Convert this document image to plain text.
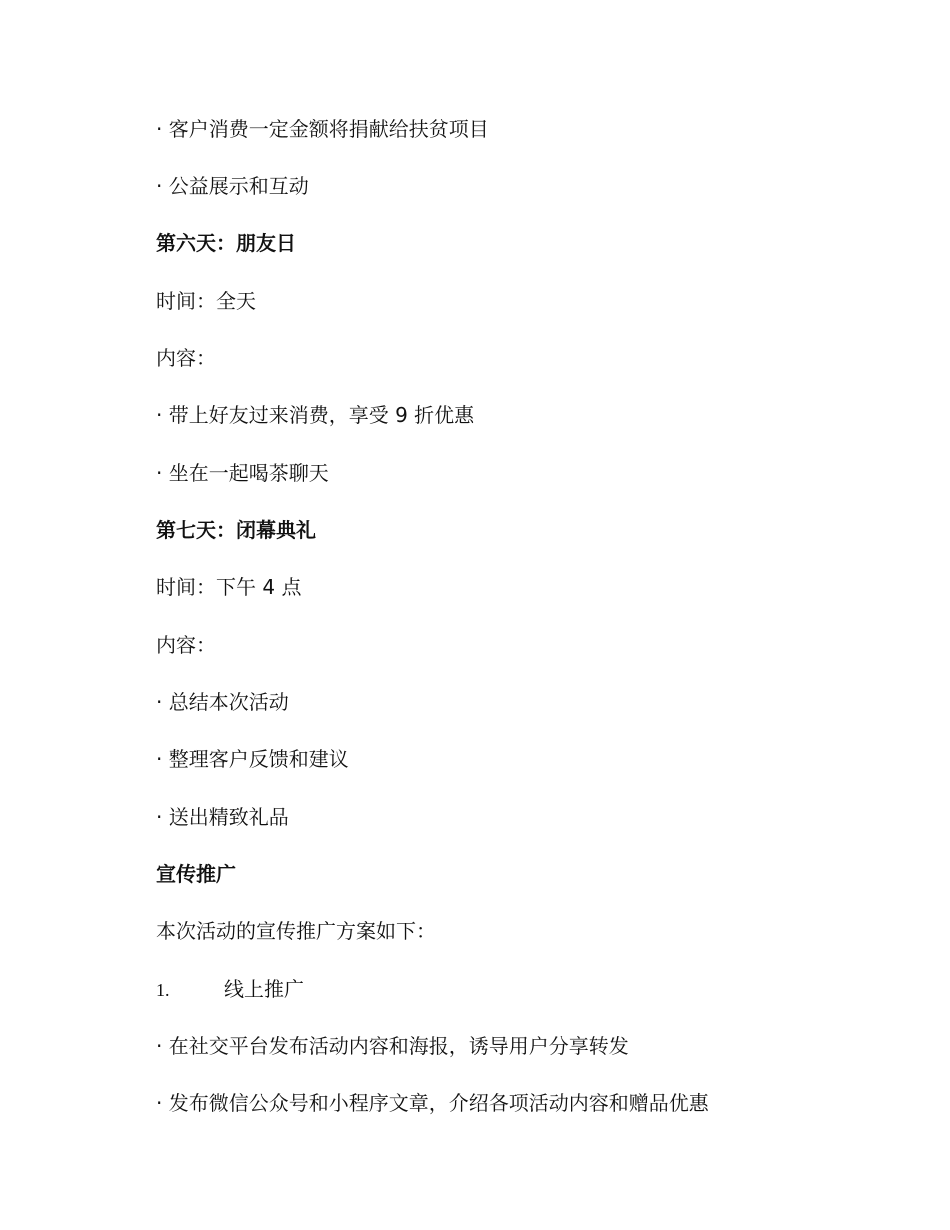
· 客户消费一定金额将捐献给扶贫项目
· 公益展示和互动
第六天：朋友日
时间：全天
内容：
· 带上好友过来消费，享受 9 折优惠
· 坐在一起喝茶聊天
第七天：闭幕典礼
时间：下午 4 点
内容：
· 总结本次活动
· 整理客户反馈和建议
· 送出精致礼品
宣传推广
本次活动的宣传推广方案如下：
1.	线上推广
· 在社交平台发布活动内容和海报，诱导用户分享转发
· 发布微信公众号和小程序文章，介绍各项活动内容和赠品优惠
